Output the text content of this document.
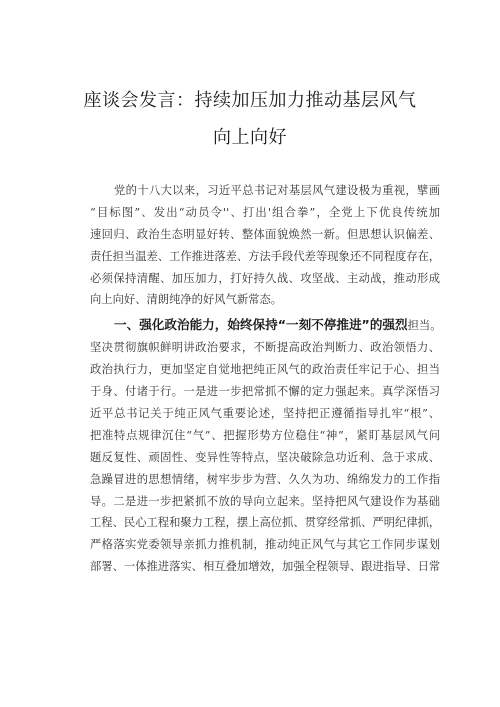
座谈会发言：持续加压加力推动基层风气
向上向好
党的十八大以来，习近平总书记对基层风气建设极为重视，擘画
“目标图”、发出“动员令''、打出'组合拳”，全党上下优良传统加
速回归、政治生态明显好转、整体面貌焕然一新。但思想认识偏差、
责任担当温差、工作推进落差、方法手段代差等现象还不同程度存在，
必须保持清醒、加压加力，打好持久战、攻坚战、主动战，推动形成
向上向好、清朗纯净的好风气新常态。
一、强化政治能力，始终保持“一刻不停推进”的强烈担当。
坚决贯彻旗帜鲜明讲政治要求，不断提高政治判断力、政治领悟力、
政治执行力，更加坚定自觉地把纯正风气的政治责任牢记于心、担当
于身、付诸于行。一是进一步把常抓不懈的定力强起来。真学深悟习
近平总书记关于纯正风气重要论述，坚持把正遵循指导扎牢“根”、
把准特点规律沉住“气”、把握形势方位稳住“神”，紧盯基层风气问
题反复性、顽固性、变异性等特点，坚决破除急功近利、急于求成、
急躁冒进的思想情绪，树牢步步为营、久久为功、绵绵发力的工作指
导。二是进一步把紧抓不放的导向立起来。坚持把风气建设作为基础
工程、民心工程和聚力工程，摆上高位抓、贯穿经常抓、严明纪律抓，
严格落实党委领导亲抓力推机制，推动纯正风气与其它工作同步谋划
部署、一体推进落实、相互叠加增效，加强全程领导、跟进指导、日常
